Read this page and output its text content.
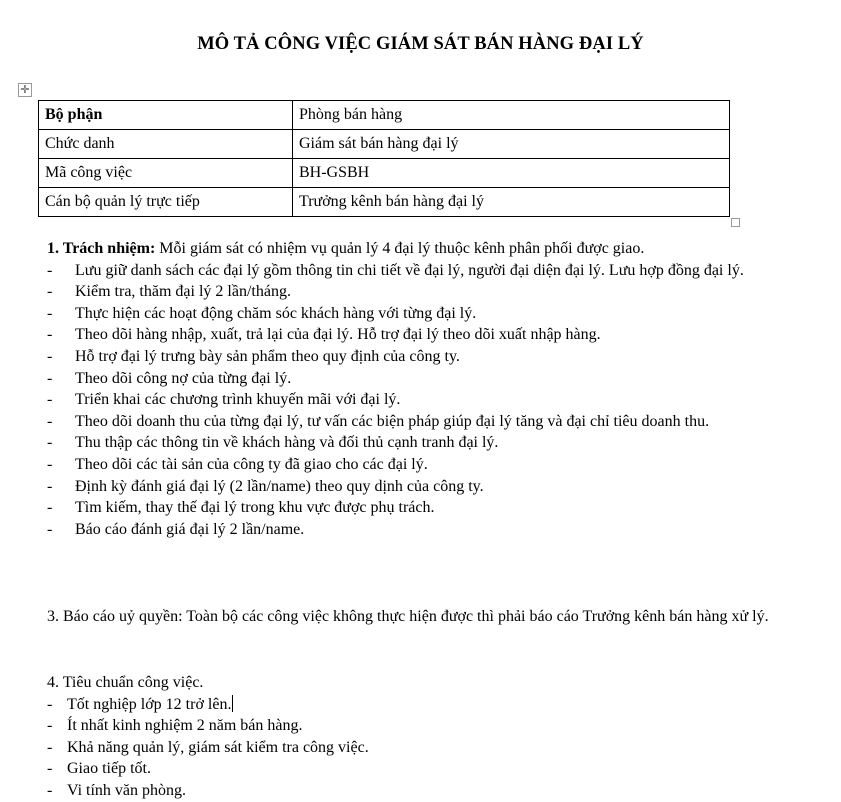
MÔ TẢ CÔNG VIỆC GIÁM SÁT BÁN HÀNG ĐẠI LÝ
✛
Bộ phận	Phòng bán hàng
Chức danh	Giám sát bán hàng đại lý
Mã công việc	BH-GSBH
Cán bộ quản lý trực tiếp	Trưởng kênh bán hàng đại lý

1. Trách nhiệm: Mỗi giám sát có nhiệm vụ quản lý 4 đại lý thuộc kênh phân phối được giao.

- Lưu giữ danh sách các đại lý gồm thông tin chi tiết về đại lý, người đại diện đại lý. Lưu hợp đồng đại lý.
- Kiểm tra, thăm đại lý 2 lần/tháng.
- Thực hiện các hoạt động chăm sóc khách hàng với từng đại lý.
- Theo dõi hàng nhập, xuất, trả lại của đại lý. Hỗ trợ đại lý theo dõi xuất nhập hàng.
- Hỗ trợ đại lý trưng bày sản phẩm theo quy định của công ty.
- Theo dõi công nợ của từng đại lý.
- Triển khai các chương trình khuyến mãi với đại lý.
- Theo dõi doanh thu của từng đại lý, tư vấn các biện pháp giúp đại lý tăng và đại chỉ tiêu doanh thu.
- Thu thập các thông tin về khách hàng và đối thủ cạnh tranh đại lý.
- Theo dõi các tài sản của công ty đã giao cho các đại lý.
- Định kỳ đánh giá đại lý (2 lần/name) theo quy dịnh của công ty.
- Tìm kiếm, thay thế đại lý trong khu vực được phụ trách.
- Báo cáo đánh giá đại lý 2 lần/name.

3. Báo cáo uỷ quyền: Toàn bộ các công việc không thực hiện được thì phải báo cáo Trưởng kênh bán hàng xử lý.

4. Tiêu chuẩn công việc.

- Tốt nghiệp lớp 12 trở lên.
- Ít nhất kinh nghiệm 2 năm bán hàng.
- Khả năng quản lý, giám sát kiểm tra công việc.
- Giao tiếp tốt.
- Vi tính văn phòng.
